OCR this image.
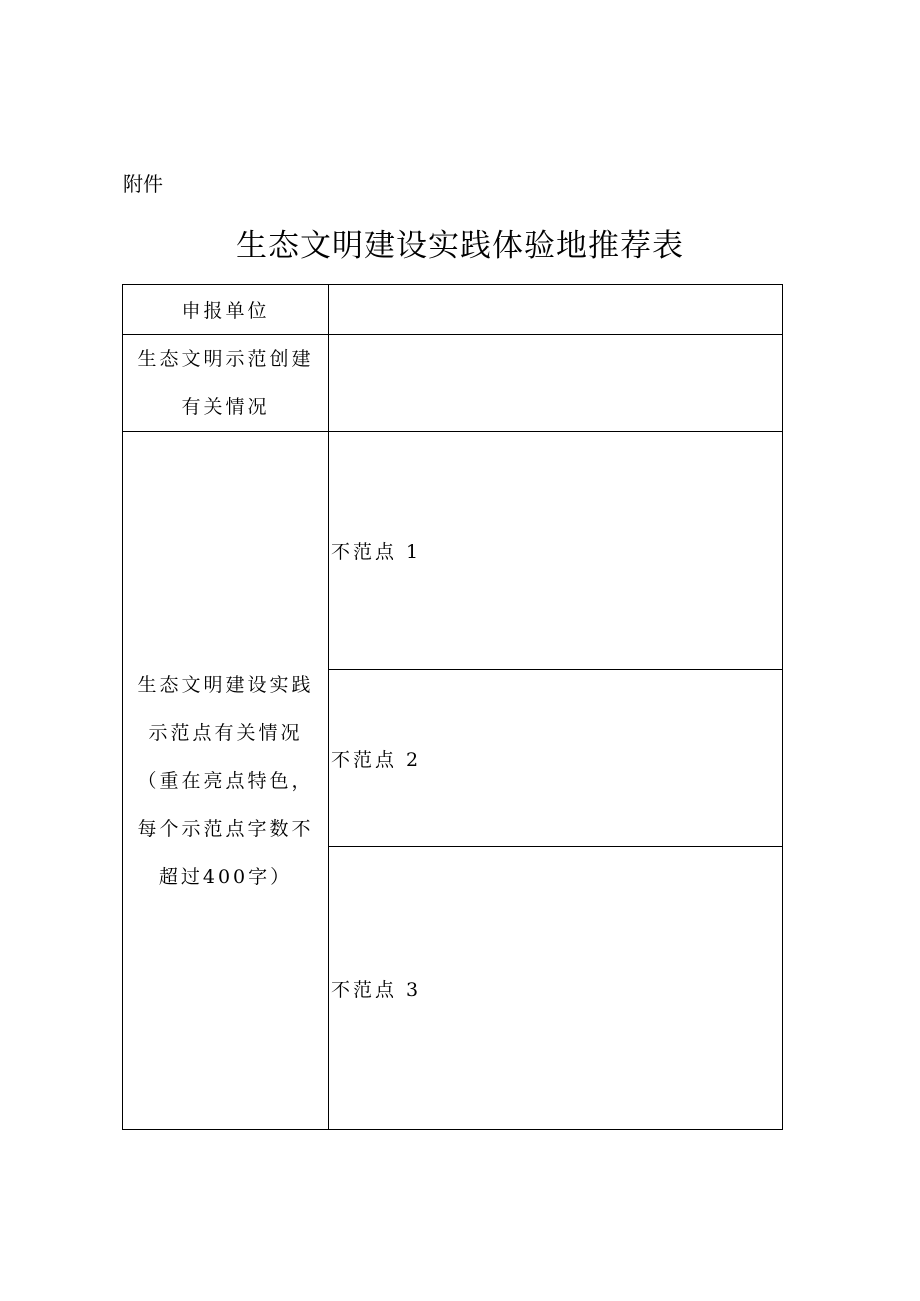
附件
生态文明建设实践体验地推荐表
申报单位	

生态文明示范创建
有关情况	

生态文明建设实践
示范点有关情况
（重在亮点特色，
每个示范点字数不
超过400字）	不范点 1
	不范点 2
	不范点 3
